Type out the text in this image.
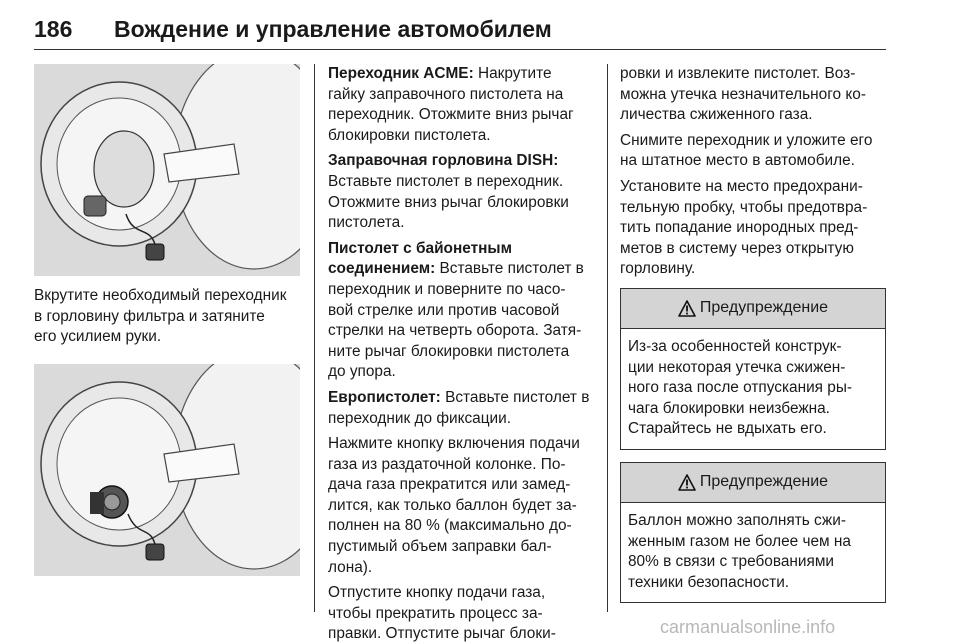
186 Вождение и управление автомобилем

Вкрутите необходимый переходник
в горловину фильтра и затяните
его усилием руки.

Переходник ACME: Накрутите
гайку заправочного пистолета на
переходник. Отожмите вниз рычаг
блокировки пистолета.

Заправочная горловина DISH:
Вставьте пистолет в переходник.
Отожмите вниз рычаг блокировки
пистолета.

Пистолет с байонетным
соединением: Вставьте пистолет в
переходник и поверните по часо-
вой стрелке или против часовой
стрелки на четверть оборота. Затя-
ните рычаг блокировки пистолета
до упора.

Европистолет: Вставьте пистолет в
переходник до фиксации.

Нажмите кнопку включения подачи
газа из раздаточной колонке. По-
дача газа прекратится или замед-
лится, как только баллон будет за-
полнен на 80 % (максимально до-
пустимый объем заправки бал-
лона).

Отпустите кнопку подачи газа,
чтобы прекратить процесс за-
правки. Отпустите рычаг блоки-

ровки и извлеките пистолет. Воз-
можна утечка незначительного ко-
личества сжиженного газа.

Снимите переходник и уложите его
на штатное место в автомобиле.

Установите на место предохрани-
тельную пробку, чтобы предотвра-
тить попадание инородных пред-
метов в систему через открытую
горловину.

Предупреждение
Из-за особенностей конструк-
ции некоторая утечка сжижен-
ного газа после отпускания ры-
чага блокировки неизбежна.
Старайтесь не вдыхать его.
Предупреждение
Баллон можно заполнять сжи-
женным газом не более чем на
80% в связи с требованиями
техники безопасности.
carmanualsonline.info
